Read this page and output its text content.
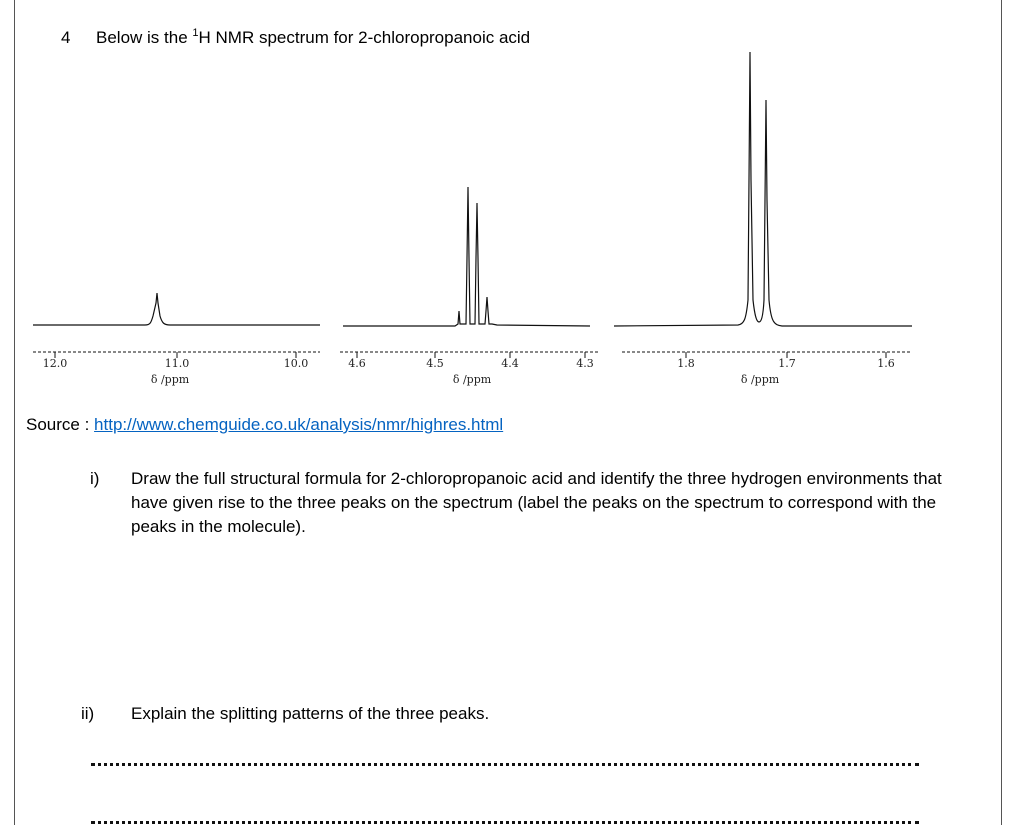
4 Below is the $^1$H NMR spectrum for 2-chloropropanoic acid
12.0	11.0	10.0
δ /ppm
4.6	4.5	4.4	4.3
δ /ppm
1.8	1.7	1.6
δ /ppm
Source : http://www.chemguide.co.uk/analysis/nmr/highres.html
i) Draw the full structural formula for 2-chloropropanoic acid and identify the three hydrogen environments that have given rise to the three peaks on the spectrum (label the peaks on the spectrum to correspond with the peaks in the molecule).
ii) Explain the splitting patterns of the three peaks.
